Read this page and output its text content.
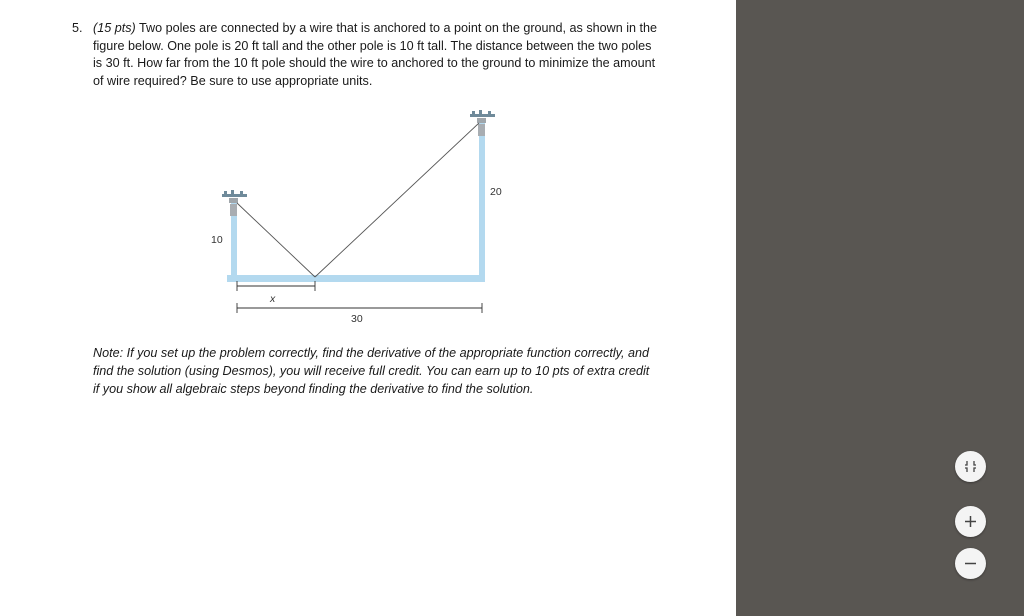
5. (15 pts) Two poles are connected by a wire that is anchored to a point on the ground, as shown in the figure below. One pole is 20 ft tall and the other pole is 10 ft tall. The distance between the two poles is 30 ft. How far from the 10 ft pole should the wire to anchored to the ground to minimize the amount of wire required? Be sure to use appropriate units.
10
20
x
30
Note: If you set up the problem correctly, find the derivative of the appropriate function correctly, and find the solution (using Desmos), you will receive full credit. You can earn up to 10 pts of extra credit if you show all algebraic steps beyond finding the derivative to find the solution.
